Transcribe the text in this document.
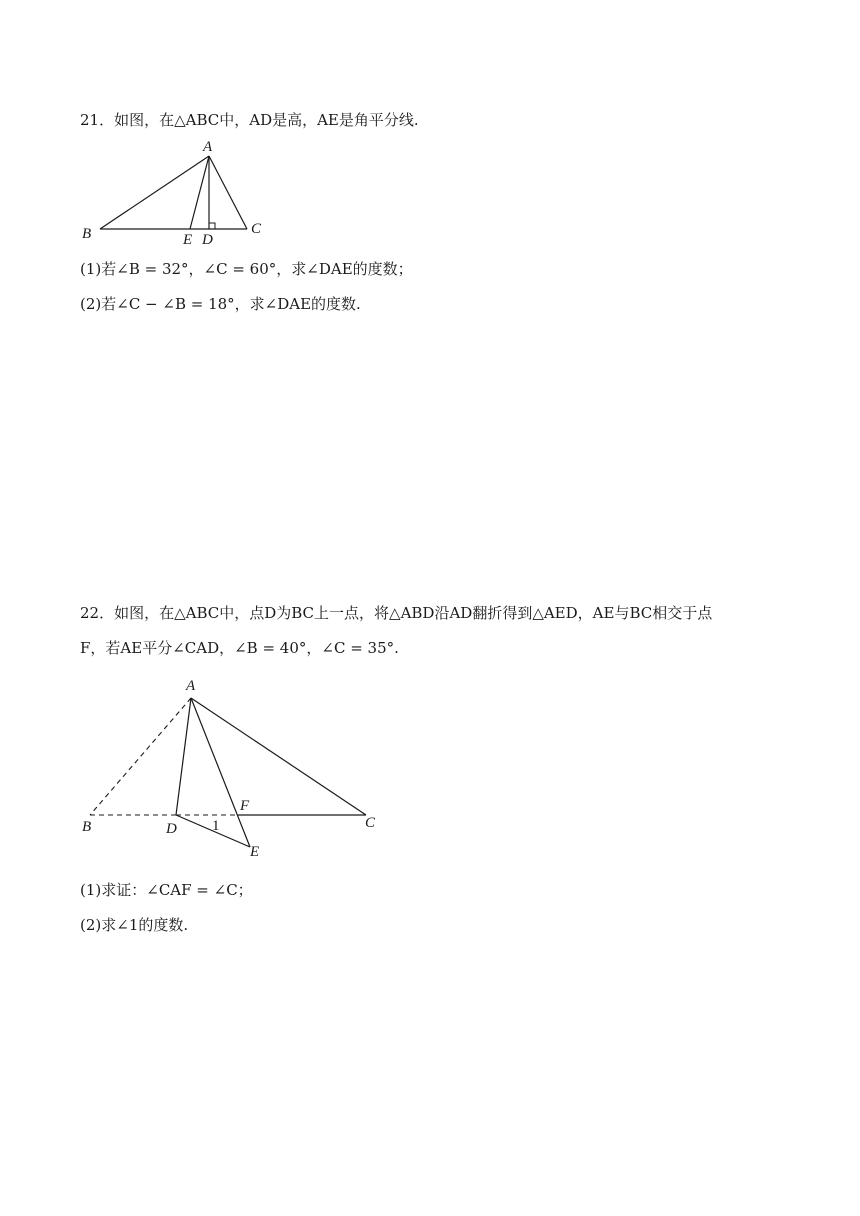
21．如图，在△ABC中，AD是高，AE是角平分线.
A
B	C
D
E
(1)若∠B = 32°，∠C = 60°，求∠DAE的度数；
(2)若∠C − ∠B = 18°，求∠DAE的度数.
22．如图，在△ABC中，点D为BC上一点，将△ABD沿AD翻折得到△AED，AE与BC相交于点
F，若AE平分∠CAD，∠B = 40°，∠C = 35°.
A
B	C
D
E
F
1
(1)求证：∠CAF = ∠C；
(2)求∠1的度数.
